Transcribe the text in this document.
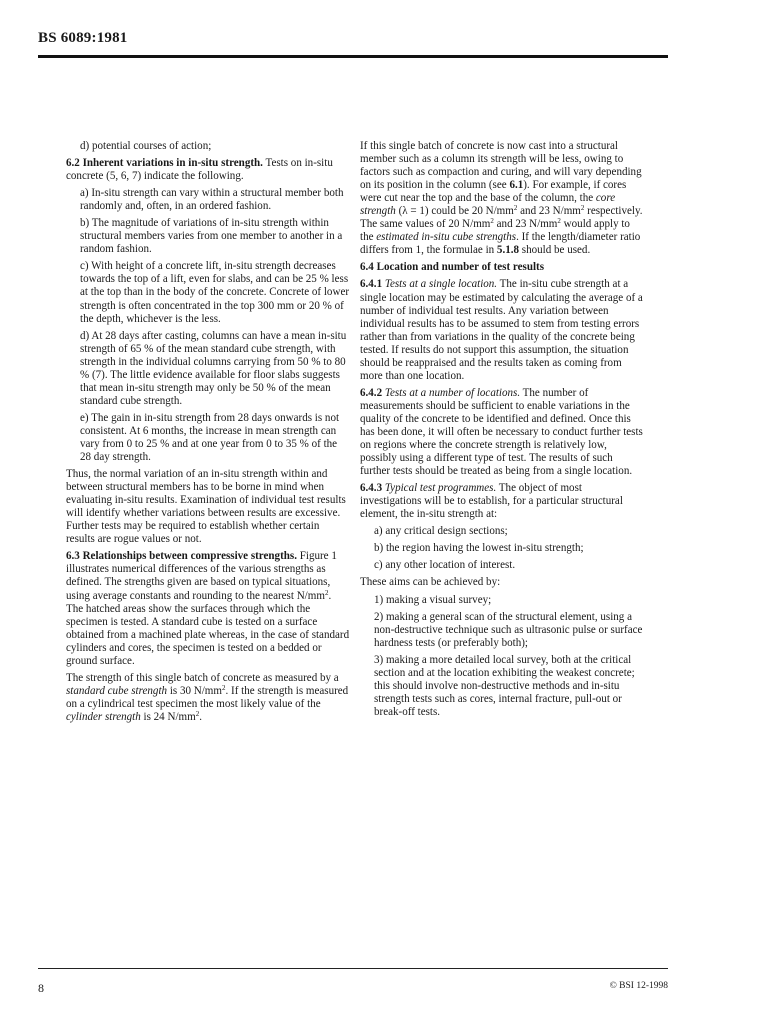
BS 6089:1981

d) potential courses of action;

6.2 Inherent variations in in-situ strength. Tests on in-situ concrete (5, 6, 7) indicate the following.

a) In-situ strength can vary within a structural member both randomly and, often, in an ordered fashion.

b) The magnitude of variations of in-situ strength within structural members varies from one member to another in a random fashion.

c) With height of a concrete lift, in-situ strength decreases towards the top of a lift, even for slabs, and can be 25 % less at the top than in the body of the concrete. Concrete of lower strength is often concentrated in the top 300 mm or 20 % of the depth, whichever is the less.

d) At 28 days after casting, columns can have a mean in-situ strength of 65 % of the mean standard cube strength, with strength in the individual columns carrying from 50 % to 80 % (7). The little evidence available for floor slabs suggests that mean in-situ strength may only be 50 % of the mean standard cube strength.

e) The gain in in-situ strength from 28 days onwards is not consistent. At 6 months, the increase in mean strength can vary from 0 to 25 % and at one year from 0 to 35 % of the 28 day strength.

Thus, the normal variation of an in-situ strength within and between structural members has to be borne in mind when evaluating in-situ results. Examination of individual test results will identify whether variations between results are excessive. Further tests may be required to establish whether certain results are rogue values or not.

6.3 Relationships between compressive strengths. Figure 1 illustrates numerical differences of the various strengths as defined. The strengths given are based on typical situations, using average constants and rounding to the nearest $N/mm^2$. The hatched areas show the surfaces through which the specimen is tested. A standard cube is tested on a surface obtained from a machined plate whereas, in the case of standard cylinders and cores, the specimen is tested on a bedded or ground surface.

The strength of this single batch of concrete as measured by a standard cube strength is 30 $N/mm^2$. If the strength is measured on a cylindrical test specimen the most likely value of the cylinder strength is 24 $N/mm^2$.

If this single batch of concrete is now cast into a structural member such as a column its strength will be less, owing to factors such as compaction and curing, and will vary depending on its position in the column (see 6.1). For example, if cores were cut near the top and the base of the column, the core strength (λ = 1) could be 20 $N/mm^2$ and 23 $N/mm^2$ respectively. The same values of 20 $N/mm^2$ and 23 $N/mm^2$ would apply to the estimated in-situ cube strengths. If the length/diameter ratio differs from 1, the formulae in 5.1.8 should be used.

6.4 Location and number of test results

6.4.1 Tests at a single location. The in-situ cube strength at a single location may be estimated by calculating the average of a number of individual test results. Any variation between individual results has to be assumed to stem from testing errors rather than from variations in the quality of the concrete being tested. If results do not support this assumption, the situation should be reappraised and the results taken as coming from more than one location.

6.4.2 Tests at a number of locations. The number of measurements should be sufficient to enable variations in the quality of the concrete to be identified and defined. Once this has been done, it will often be necessary to conduct further tests on regions where the concrete strength is relatively low, possibly using a different type of test. The results of such further tests should be treated as being from a single location.

6.4.3 Typical test programmes. The object of most investigations will be to establish, for a particular structural element, the in-situ strength at:

a) any critical design sections;

b) the region having the lowest in-situ strength;

c) any other location of interest.

These aims can be achieved by:

1) making a visual survey;

2) making a general scan of the structural element, using a non-destructive technique such as ultrasonic pulse or surface hardness tests (or preferably both);

3) making a more detailed local survey, both at the critical section and at the location exhibiting the weakest concrete; this should involve non-destructive methods and in-situ strength tests such as cores, internal fracture, pull-out or break-off tests.

8	© BSI 12-1998
